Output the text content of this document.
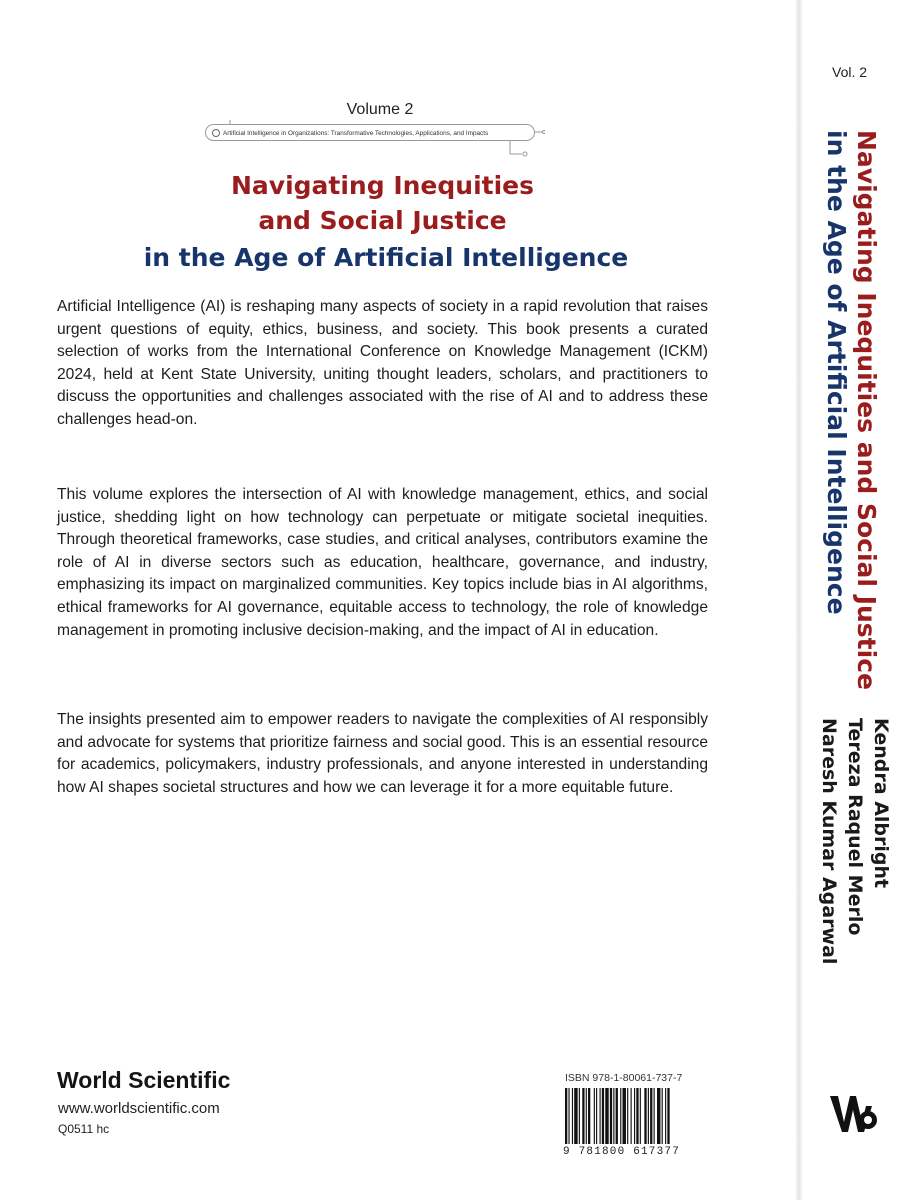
Volume 2
Artificial Intelligence in Organizations: Transformative Technologies, Applications, and Impacts
Navigating Inequities
and Social Justice
in the Age of Artificial Intelligence

Artificial Intelligence (AI) is reshaping many aspects of society in a rapid revolution that raises urgent questions of equity, ethics, business, and society. This book presents a curated selection of works from the International Conference on Knowledge Management (ICKM) 2024, held at Kent State University, uniting thought leaders, scholars, and practitioners to discuss the opportunities and challenges associated with the rise of AI and to address these challenges head-on.

This volume explores the intersection of AI with knowledge management, ethics, and social justice, shedding light on how technology can perpetuate or mitigate societal inequities. Through theoretical frameworks, case studies, and critical analyses, contributors examine the role of AI in diverse sectors such as education, healthcare, governance, and industry, emphasizing its impact on marginalized communities. Key topics include bias in AI algorithms, ethical frameworks for AI governance, equitable access to technology, the role of knowledge management in promoting inclusive decision-making, and the impact of AI in education.

The insights presented aim to empower readers to navigate the complexities of AI responsibly and advocate for systems that prioritize fairness and social good. This is an essential resource for academics, policymakers, industry professionals, and anyone interested in understanding how AI shapes societal structures and how we can leverage it for a more equitable future.

World Scientific
www.worldscientific.com
Q0511 hc
ISBN 978-1-80061-737-7
9 781800 617377
Vol. 2
Navigating Inequities and Social Justice
in the Age of Artificial Intelligence
Kendra Albright
Tereza Raquel Merlo
Naresh Kumar Agarwal
